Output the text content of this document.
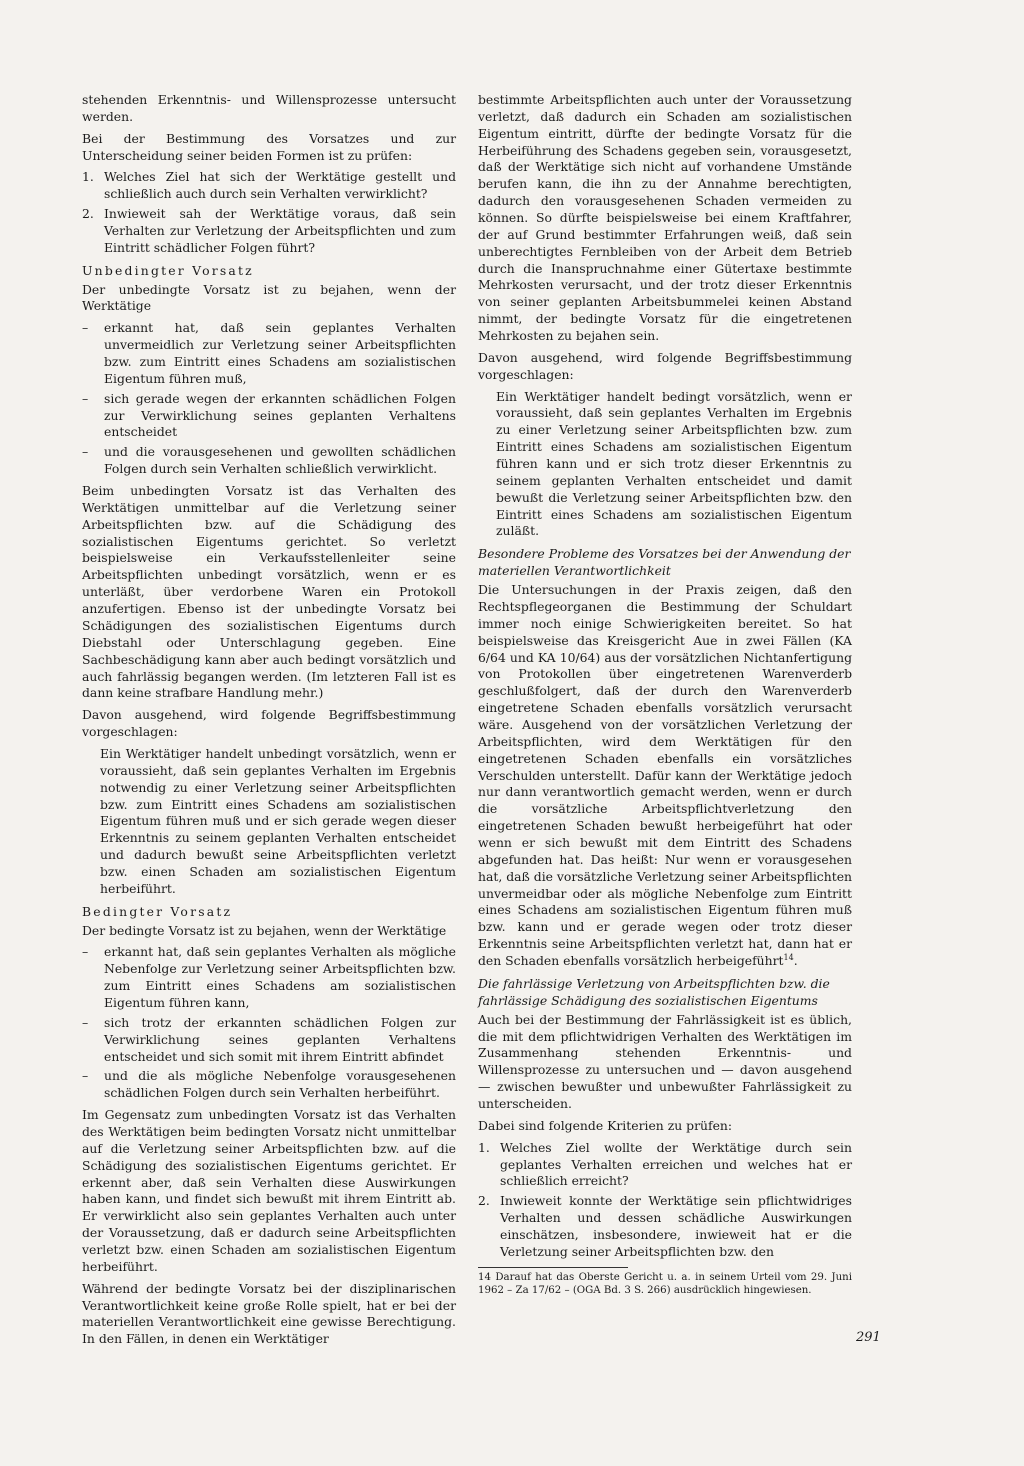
stehenden Erkenntnis- und Willensprozesse untersucht werden.

Bei der Bestimmung des Vorsatzes und zur Unterscheidung seiner beiden Formen ist zu prüfen:

1. Welches Ziel hat sich der Werktätige gestellt und schließlich auch durch sein Verhalten verwirklicht?
2. Inwieweit sah der Werktätige voraus, daß sein Verhalten zur Verletzung der Arbeitspflichten und zum Eintritt schädlicher Folgen führt?

Unbedingter Vorsatz

Der unbedingte Vorsatz ist zu bejahen, wenn der Werktätige

– erkannt hat, daß sein geplantes Verhalten unvermeidlich zur Verletzung seiner Arbeitspflichten bzw. zum Eintritt eines Schadens am sozialistischen Eigentum führen muß,
– sich gerade wegen der erkannten schädlichen Folgen zur Verwirklichung seines geplanten Verhaltens entscheidet
– und die vorausgesehenen und gewollten schädlichen Folgen durch sein Verhalten schließlich verwirklicht.

Beim unbedingten Vorsatz ist das Verhalten des Werktätigen unmittelbar auf die Verletzung seiner Arbeitspflichten bzw. auf die Schädigung des sozialistischen Eigentums gerichtet. So verletzt beispielsweise ein Verkaufsstellenleiter seine Arbeitspflichten unbedingt vorsätzlich, wenn er es unterläßt, über verdorbene Waren ein Protokoll anzufertigen. Ebenso ist der unbedingte Vorsatz bei Schädigungen des sozialistischen Eigentums durch Diebstahl oder Unterschlagung gegeben. Eine Sachbeschädigung kann aber auch bedingt vorsätzlich und auch fahrlässig begangen werden. (Im letzteren Fall ist es dann keine strafbare Handlung mehr.)

Davon ausgehend, wird folgende Begriffsbestimmung vorgeschlagen:

Ein Werktätiger handelt unbedingt vorsätzlich, wenn er voraussieht, daß sein geplantes Verhalten im Ergebnis notwendig zu einer Verletzung seiner Arbeitspflichten bzw. zum Eintritt eines Schadens am sozialistischen Eigentum führen muß und er sich gerade wegen dieser Erkenntnis zu seinem geplanten Verhalten entscheidet und dadurch bewußt seine Arbeitspflichten verletzt bzw. einen Schaden am sozialistischen Eigentum herbeiführt.

Bedingter Vorsatz

Der bedingte Vorsatz ist zu bejahen, wenn der Werktätige

– erkannt hat, daß sein geplantes Verhalten als mögliche Nebenfolge zur Verletzung seiner Arbeitspflichten bzw. zum Eintritt eines Schadens am sozialistischen Eigentum führen kann,
– sich trotz der erkannten schädlichen Folgen zur Verwirklichung seines geplanten Verhaltens entscheidet und sich somit mit ihrem Eintritt abfindet
– und die als mögliche Nebenfolge vorausgesehenen schädlichen Folgen durch sein Verhalten herbeiführt.

Im Gegensatz zum unbedingten Vorsatz ist das Verhalten des Werktätigen beim bedingten Vorsatz nicht unmittelbar auf die Verletzung seiner Arbeitspflichten bzw. auf die Schädigung des sozialistischen Eigentums gerichtet. Er erkennt aber, daß sein Verhalten diese Auswirkungen haben kann, und findet sich bewußt mit ihrem Eintritt ab. Er verwirklicht also sein geplantes Verhalten auch unter der Voraussetzung, daß er dadurch seine Arbeitspflichten verletzt bzw. einen Schaden am sozialistischen Eigentum herbeiführt.

Während der bedingte Vorsatz bei der disziplinarischen Verantwortlichkeit keine große Rolle spielt, hat er bei der materiellen Verantwortlichkeit eine gewisse Berechtigung. In den Fällen, in denen ein Werktätiger

bestimmte Arbeitspflichten auch unter der Voraussetzung verletzt, daß dadurch ein Schaden am sozialistischen Eigentum eintritt, dürfte der bedingte Vorsatz für die Herbeiführung des Schadens gegeben sein, vorausgesetzt, daß der Werktätige sich nicht auf vorhandene Umstände berufen kann, die ihn zu der Annahme berechtigten, dadurch den vorausgesehenen Schaden vermeiden zu können. So dürfte beispielsweise bei einem Kraftfahrer, der auf Grund bestimmter Erfahrungen weiß, daß sein unberechtigtes Fernbleiben von der Arbeit dem Betrieb durch die Inanspruchnahme einer Gütertaxe bestimmte Mehrkosten verursacht, und der trotz dieser Erkenntnis von seiner geplanten Arbeitsbummelei keinen Abstand nimmt, der bedingte Vorsatz für die eingetretenen Mehrkosten zu bejahen sein.

Davon ausgehend, wird folgende Begriffsbestimmung vorgeschlagen:

Ein Werktätiger handelt bedingt vorsätzlich, wenn er voraussieht, daß sein geplantes Verhalten im Ergebnis zu einer Verletzung seiner Arbeitspflichten bzw. zum Eintritt eines Schadens am sozialistischen Eigentum führen kann und er sich trotz dieser Erkenntnis zu seinem geplanten Verhalten entscheidet und damit bewußt die Verletzung seiner Arbeitspflichten bzw. den Eintritt eines Schadens am sozialistischen Eigentum zuläßt.

Besondere Probleme des Vorsatzes bei der Anwendung der materiellen Verantwortlichkeit

Die Untersuchungen in der Praxis zeigen, daß den Rechtspflegeorganen die Bestimmung der Schuldart immer noch einige Schwierigkeiten bereitet. So hat beispielsweise das Kreisgericht Aue in zwei Fällen (KA 6/64 und KA 10/64) aus der vorsätzlichen Nichtanfertigung von Protokollen über eingetretenen Warenverderb geschlußfolgert, daß der durch den Warenverderb eingetretene Schaden ebenfalls vorsätzlich verursacht wäre. Ausgehend von der vorsätzlichen Verletzung der Arbeitspflichten, wird dem Werktätigen für den eingetretenen Schaden ebenfalls ein vorsätzliches Verschulden unterstellt. Dafür kann der Werktätige jedoch nur dann verantwortlich gemacht werden, wenn er durch die vorsätzliche Arbeitspflichtverletzung den eingetretenen Schaden bewußt herbeigeführt hat oder wenn er sich bewußt mit dem Eintritt des Schadens abgefunden hat. Das heißt: Nur wenn er vorausgesehen hat, daß die vorsätzliche Verletzung seiner Arbeitspflichten unvermeidbar oder als mögliche Nebenfolge zum Eintritt eines Schadens am sozialistischen Eigentum führen muß bzw. kann und er gerade wegen oder trotz dieser Erkenntnis seine Arbeitspflichten verletzt hat, dann hat er den Schaden ebenfalls vorsätzlich herbeigeführt$^{14}$.

Die fahrlässige Verletzung von Arbeitspflichten bzw. die fahrlässige Schädigung des sozialistischen Eigentums

Auch bei der Bestimmung der Fahrlässigkeit ist es üblich, die mit dem pflichtwidrigen Verhalten des Werktätigen im Zusammenhang stehenden Erkenntnis- und Willensprozesse zu untersuchen und — davon ausgehend — zwischen bewußter und unbewußter Fahrlässigkeit zu unterscheiden.

Dabei sind folgende Kriterien zu prüfen:

1. Welches Ziel wollte der Werktätige durch sein geplantes Verhalten erreichen und welches hat er schließlich erreicht?
2. Inwieweit konnte der Werktätige sein pflichtwidriges Verhalten und dessen schädliche Auswirkungen einschätzen, insbesondere, inwieweit hat er die Verletzung seiner Arbeitspflichten bzw. den

14 Darauf hat das Oberste Gericht u. a. in seinem Urteil vom 29. Juni 1962 – Za 17/62 – (OGA Bd. 3 S. 266) ausdrücklich hingewiesen.

291
